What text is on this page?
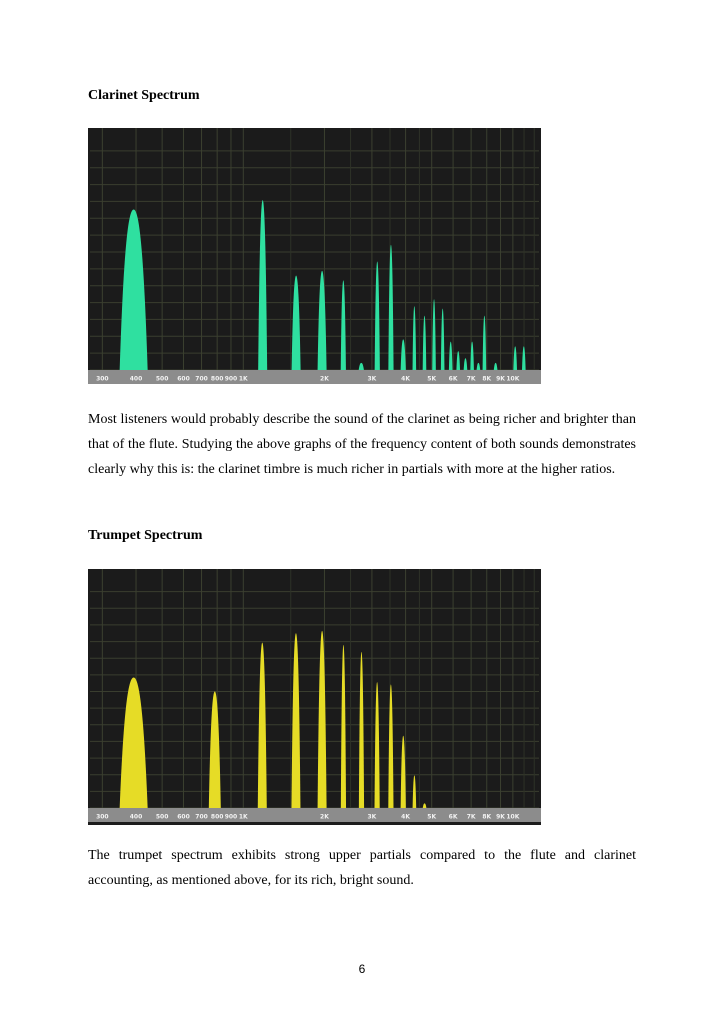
Clarinet Spectrum
300	400 500 600 700 800 900 1K	2K	3K	4K	5K 6K 7K 8K 9K 10K

Most listeners would probably describe the sound of the clarinet as being richer and brighter than that of the flute. Studying the above graphs of the frequency content of both sounds demonstrates clearly why this is: the clarinet timbre is much richer in partials with more at the higher ratios.

Trumpet Spectrum
300	400 500 600 700 800 900 1K	2K	3K	4K	5K 6K 7K 8K 9K 10K

The trumpet spectrum exhibits strong upper partials compared to the flute and clarinet accounting, as mentioned above, for its rich, bright sound.

6
